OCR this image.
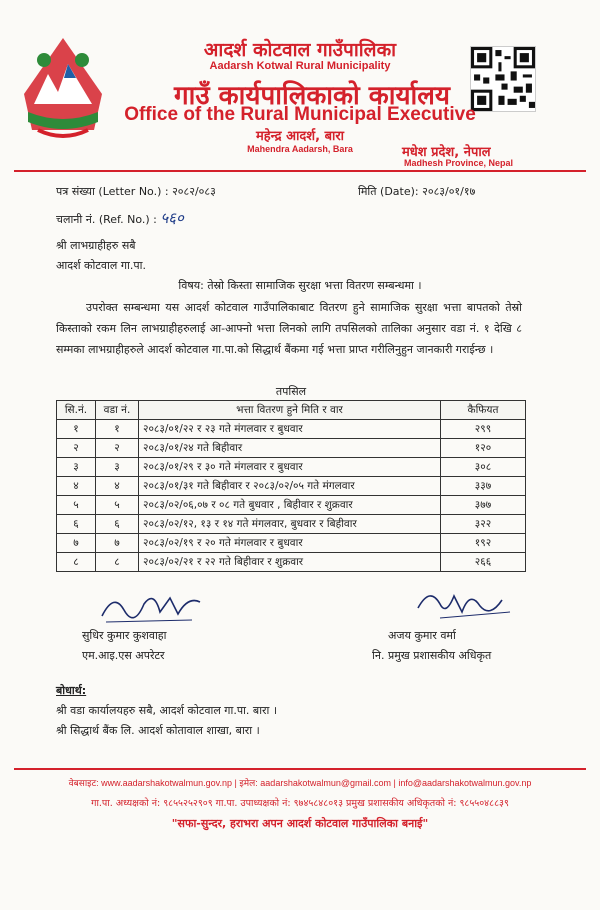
आदर्श कोटवाल गाउँपालिका
Aadarsh Kotwal Rural Municipality
गाउँ कार्यपालिकाको कार्यालय
Office of the Rural Municipal Executive
महेन्द्र आदर्श, बारा
Mahendra Aadarsh, Bara	मधेश प्रदेश, नेपाल
Madhesh Province, Nepal
पत्र संख्या (Letter No.) : २०८२/०८३	मिति (Date): २०८३/०१/१७
चलानी नं. (Ref. No.) : ५६०
श्री लाभग्राहीहरु सबै
आदर्श कोटवाल गा.पा.
विषय: तेस्रो किस्ता सामाजिक सुरक्षा भत्ता वितरण सम्बन्धमा ।
उपरोक्त सम्बन्धमा यस आदर्श कोटवाल गाउँपालिकाबाट वितरण हुने सामाजिक सुरक्षा भत्ता बापतको तेस्रो किस्ताको रकम लिन लाभग्राहीहरुलाई आ-आफ्नो भत्ता लिनको लागि तपसिलको तालिका अनुसार वडा नं. १ देखि ८ सम्मका लाभग्राहीहरुले आदर्श कोटवाल गा.पा.को सिद्धार्थ बैंकमा गई भत्ता प्राप्त गरीलिनुहुन जानकारी गराईन्छ ।
तपसिल
सि.नं.	वडा नं.	भत्ता वितरण हुने मिति र वार	कैफियत
१	१	२०८३/०१/२२ र २३ गते मंगलवार र बुधवार	२९९
२	२	२०८३/०१/२४ गते बिहीवार	१२०
३	३	२०८३/०१/२९ र ३० गते मंगलवार र बुधवार	३०८
४	४	२०८३/०१/३१ गते बिहीवार र २०८३/०२/०५ गते मंगलवार	३३७
५	५	२०८३/०२/०६,०७ र ०८ गते बुधवार , बिहीवार र शुक्रवार	३७७
६	६	२०८३/०२/१२, १३ र १४ गते मंगलवार, बुधवार र बिहीवार	३२२
७	७	२०८३/०२/१९ र २० गते मंगलवार र बुधवार	१९२
८	८	२०८३/०२/२१ र २२ गते बिहीवार र शुक्रवार	२६६
सुधिर कुमार कुशवाहा
एम.आइ.एस अपरेटर
अजय कुमार वर्मा
नि. प्रमुख प्रशासकीय अधिकृत
बोधार्थ:
श्री वडा कार्यालयहरु सबै, आदर्श कोटवाल गा.पा. बारा ।
श्री सिद्धार्थ बैंक लि. आदर्श कोतावाल शाखा, बारा ।
वेबसाइट: www.aadarshakotwalmun.gov.np | इमेल: aadarshakotwalmun@gmail.com | info@aadarshakotwalmun.gov.np
गा.पा. अध्यक्षको नं: ९८५५२५२९०९ गा.पा. उपाध्यक्षको नं: ९७४५८४८०१३ प्रमुख प्रशासकीय अधिकृतको नं: ९८५५०४८८३९
"सफा-सुन्दर, हराभरा अपन आदर्श कोटवाल गाउँपालिका बनाई"
